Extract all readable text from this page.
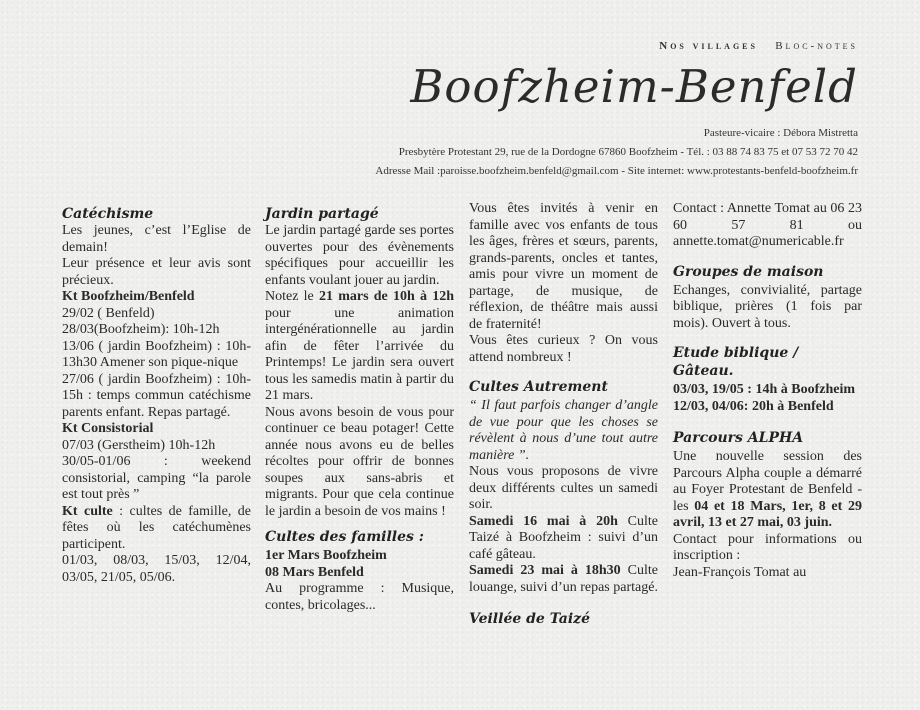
Nos villages Bloc-notes
Boofzheim-Benfeld
Pasteure-vicaire : Débora Mistretta
Presbytère Protestant 29, rue de la Dordogne 67860 Boofzheim - Tél. : 03 88 74 83 75 et 07 53 72 70 42
Adresse Mail :paroisse.boofzheim.benfeld@gmail.com - Site internet: www.protestants-benfeld-boofzheim.fr
Catéchisme

Les jeunes, c’est l’Eglise de demain!

Leur présence et leur avis sont précieux.

Kt Boofzheim/Benfeld

29/02 ( Benfeld)

28/03(Boofzheim): 10h-12h

13/06 ( jardin Boofzheim) : 10h-13h30 Amener son pique-nique

27/06 ( jardin Boofzheim) : 10h-15h : temps commun catéchisme parents enfant. Repas partagé.

Kt Consistorial

07/03 (Gerstheim) 10h-12h

30/05-01/06 : weekend consistorial, camping “la parole est tout près ”

Kt culte : cultes de famille, de fêtes où les catéchumènes participent.

01/03, 08/03, 15/03, 12/04, 03/05, 21/05, 05/06.

Jardin partagé

Le jardin partagé garde ses portes ouvertes pour des évènements spécifiques pour accueillir les enfants voulant jouer au jardin.

Notez le 21 mars de 10h à 12h pour une animation intergénérationnelle au jardin afin de fêter l’arrivée du Printemps! Le jardin sera ouvert tous les samedis matin à partir du 21 mars.

Nous avons besoin de vous pour continuer ce beau potager! Cette année nous avons eu de belles récoltes pour offrir de bonnes soupes aux sans-abris et migrants. Pour que cela continue le jardin a besoin de vos mains !

Cultes des familles :

1er Mars Boofzheim

08 Mars Benfeld

Au programme : Musique, contes, bricolages...

Vous êtes invités à venir en famille avec vos enfants de tous les âges, frères et sœurs, parents, grands-parents, oncles et tantes, amis pour vivre un moment de partage, de musique, de réflexion, de théâtre mais aussi de fraternité!

Vous êtes curieux ? On vous attend nombreux !

Cultes Autrement

“ Il faut parfois changer d’angle de vue pour que les choses se révèlent à nous d’une tout autre manière ”.

Nous vous proposons de vivre deux différents cultes un samedi soir.

Samedi 16 mai à 20h Culte Taizé à Boofzheim : suivi d’un café gâteau.

Samedi 23 mai à 18h30 Culte louange, suivi d’un repas partagé.

Veillée de Taizé

Contact : Annette Tomat au 06 23 60 57 81 ou annette.tomat@numericable.fr

Groupes de maison

Echanges, convivialité, partage biblique, prières (1 fois par mois). Ouvert à tous.

Etude biblique / Gâteau.

03/03, 19/05 : 14h à Boofzheim

12/03, 04/06: 20h à Benfeld

Parcours ALPHA

Une nouvelle session des Parcours Alpha couple a démarré au Foyer Protestant de Benfeld - les 04 et 18 Mars, 1er, 8 et 29 avril, 13 et 27 mai, 03 juin.

Contact pour informations ou inscription :

Jean-François Tomat au
